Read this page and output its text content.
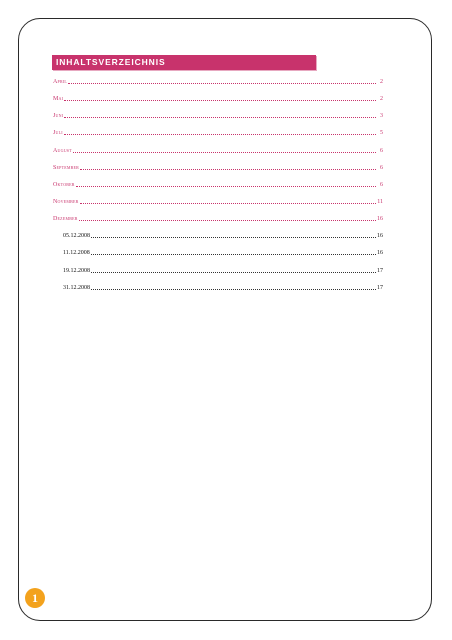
INHALTSVERZEICHNIS
April	2
Mai	2
Juni	3
Juli	5
August	6
September	6
Oktober	6
November	11
Dezember	16
05.12.2008	16
11.12.2008	16
19.12.2008	17
31.12.2008	17
1
